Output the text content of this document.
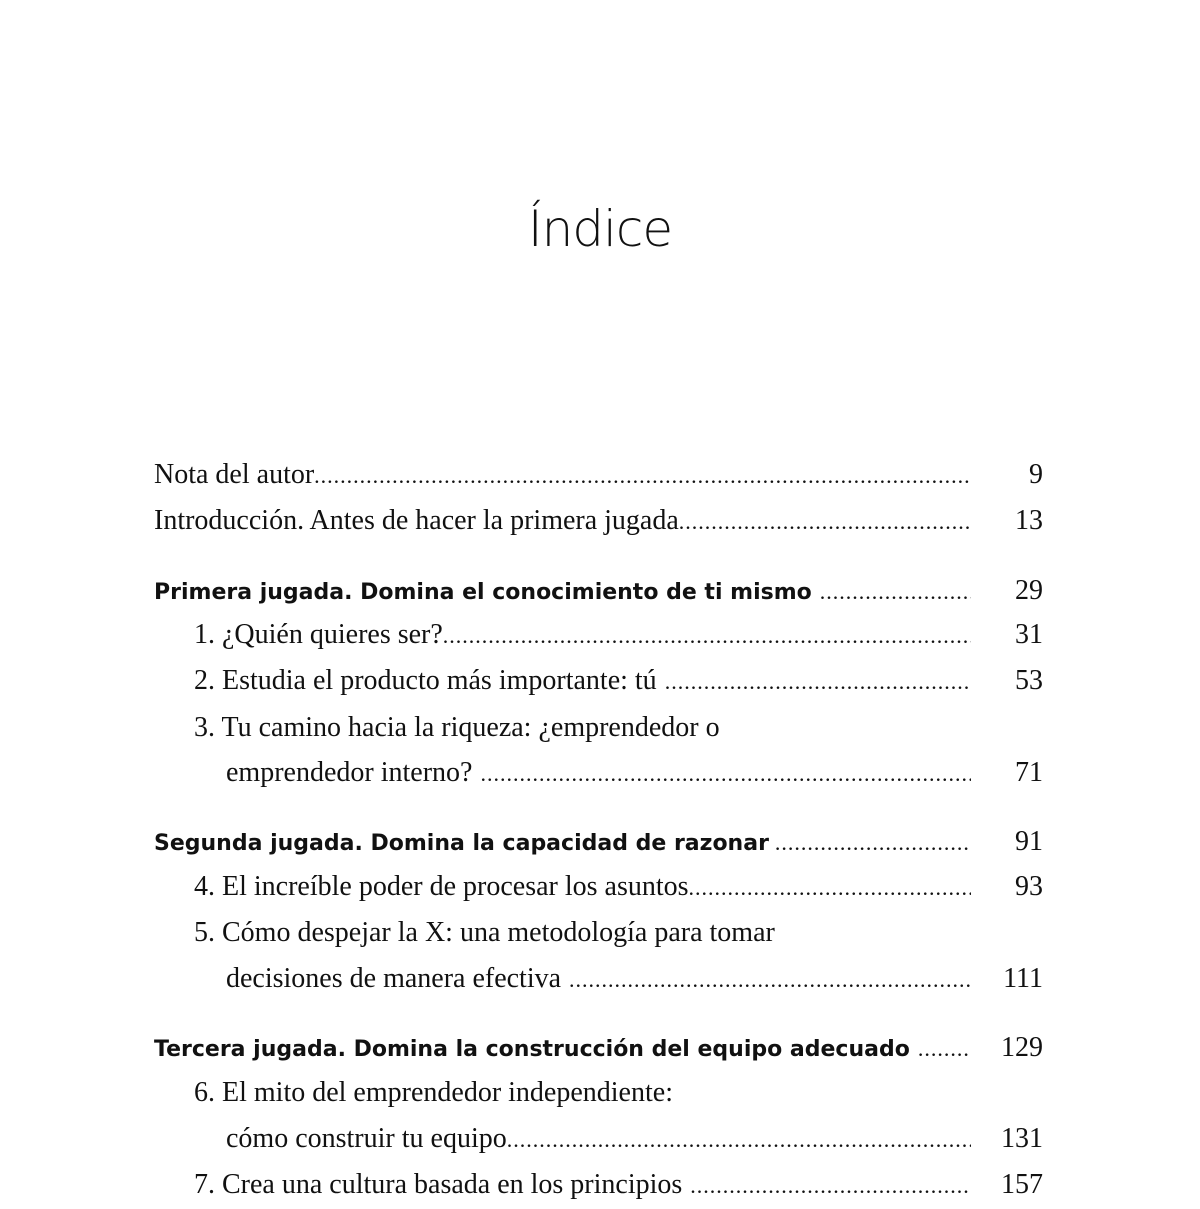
Índice
Nota del autor .....	9
Introducción. Antes de hacer la primera jugada .....	13
Primera jugada. Domina el conocimiento de ti mismo .....	29
1. ¿Quién quieres ser? .....	31
2. Estudia el producto más importante: tú .....	53
3. Tu camino hacia la riqueza: ¿emprendedor o
emprendedor interno? .....	71
Segunda jugada. Domina la capacidad de razonar .....	91
4. El increíble poder de procesar los asuntos .....	93
5. Cómo despejar la X: una metodología para tomar
decisiones de manera efectiva .....	111
Tercera jugada. Domina la construcción del equipo adecuado .....	129
6. El mito del emprendedor independiente:
cómo construir tu equipo .....	131
7. Crea una cultura basada en los principios .....	157
